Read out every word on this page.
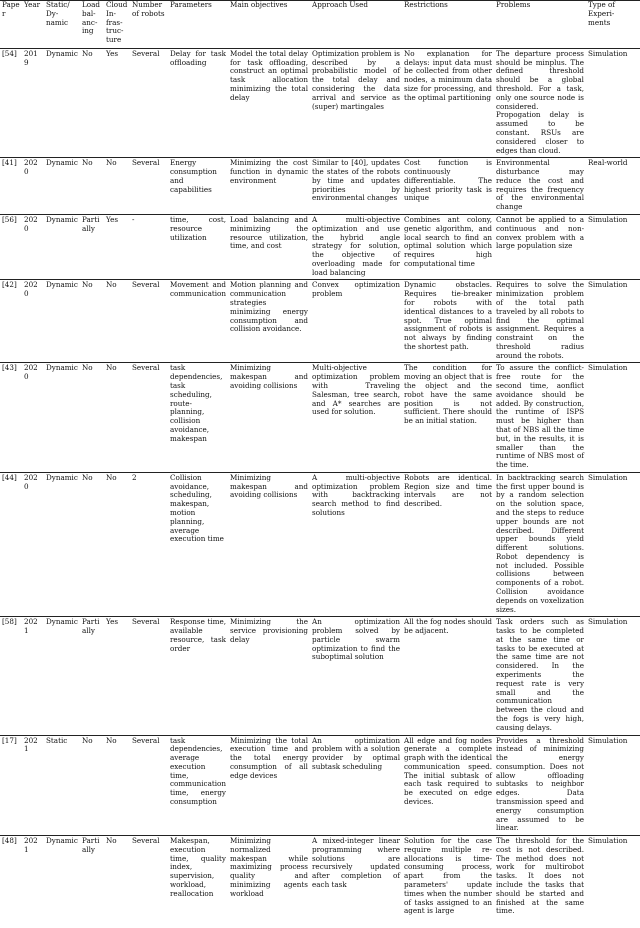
Paper	Year	Static/ Dy- namic	Load bal- anc- ing	Cloud In- fras- truc- ture	Number of robots	Parameters	Main objectives	Approach Used	Restrictions	Problems	Type of Experi- ments
[54]	2019	Dynamic	No	Yes	Several	Delay for task offloading	Model the total delay for task offloading, construct an optimal task allocation minimizing the total delay	Optimization problem is described by a probabilistic model of the total delay and considering the data arrival and service as (super) martingales	No explanation for delays: input data must be collected from other nodes, a minimum data size for processing, and the optimal partitioning	The departure process should be minplus. The defined threshold should be a global threshold. For a task, only one source node is considered. Propogation delay is assumed to be constant. RSUs are considered closer to edges than cloud.	Simulation
[41]	2020	Dynamic	No	No	Several	Energy consumption and capabilities	Minimizing the cost function in dynamic environment	Similar to [40], updates the states of the robots by time and updates priorities by environmental changes	Cost function is continuously differentiable. The highest priority task is unique	Environmental disturbance may reduce the cost and requires the frequency of the environmental change	Real-world
[56]	2020	Dynamic	Partially	Yes	-	time, cost, resource utilization	Load balancing and minimizing the resource utilization, time, and cost	A multi-objective optimization and use the hybrid angle strategy for solution, the objective of overloading made for load balancing	Combines ant colony, genetic algorithm, and local search to find an optimal solution which requires high computational time	Cannot be applied to a continuous and non-convex problem with a large population size	Simulation
[42]	2020	Dynamic	No	No	Several	Movement and communication	Motion planning and communication strategies minimizing energy consumption and collision avoidance.	Convex optimization problem	Dynamic obstacles. Requires tie-breaker for robots with identical distances to a spot. True optimal assignment of robots is not always by finding the shortest path.	Requires to solve the minimization problem of the total path traveled by all robots to find the optimal assignment. Requires a constraint on the threshold radius around the robots.	Simulation
[43]	2020	Dynamic	No	No	Several	task dependencies, task scheduling, route-planning, collision avoidance, makespan	Minimizing makespan and avoiding collisions	Multi-objective optimization problem with Traveling Salesman, tree search, and A* searches are used for solution.	The condition for moving an object that is the object and the robot have the same position is not sufficient. There should be an initial station.	To assure the conflict-free route for the second time, aonflict avoidance should be added. By construction, the runtime of ISPS must be higher than that of NBS all the time but, in the results, it is smaller than the runtime of NBS most of the time.	Simulation
[44]	2020	Dynamic	No	No	2	Collision avoidance, scheduling, makespan, motion planning, average execution time	Minimizing makespan and avoiding collisions	A multi-objective optimization problem with backtracking search method to find solutions	Robots are identical. Region size and time intervals are not described.	In backtracking search the first upper bound is by a random selection on the solution space, and the steps to reduce upper bounds are not described. Different upper bounds yield different solutions. Robot dependency is not included. Possible collisions between components of a robot. Collision avoidance depends on voxelization sizes.	Simulation
[58]	2021	Dynamic	Partially	Yes	Several	Response time, available resource, task order	Minimizing the service provisioning delay	An optimization problem solved by particle swarm optimization to find the suboptimal solution	All the fog nodes should be adjacent.	Task orders such as tasks to be completed at the same time or tasks to be executed at the same time are not considered. In the experiments the request rate is very small and the communication between the cloud and the fogs is very high, causing delays.	Simulation
[17]	2021	Static	No	No	Several	task dependencies, average execution time, communication time, energy consumption	Minimizing the total execution time and the total energy consumption of all edge devices	An optimization problem with a solution provider by optimal subtask scheduling	All edge and fog nodes generate a complete graph with the identical communication speed. The initial subtask of each task required to be executed on edge devices.	Provides a threshold instead of minimizing the energy consumption. Does not allow offloading subtasks to neighbor edges. Data transmission speed and energy consumption are assumed to be linear.	Simulation
[48]	2021	Dynamic	Partially	No	Several	Makespan, execution time, quality index, supervision, workload, reallocation	Minimizing normalized makespan while maximizing process quality and minimizing agents workload	A mixed-integer linear programming where solutions are recursively updated after completion of each task	Solution for the case require multiple re-allocations is time-consuming process, apart from the parameters' update times when the number of tasks assigned to an agent is large	The threshold for the cost is not described. The method does not work for multirobot tasks. It does not include the tasks that should be started and finished at the same time.	Simulation
